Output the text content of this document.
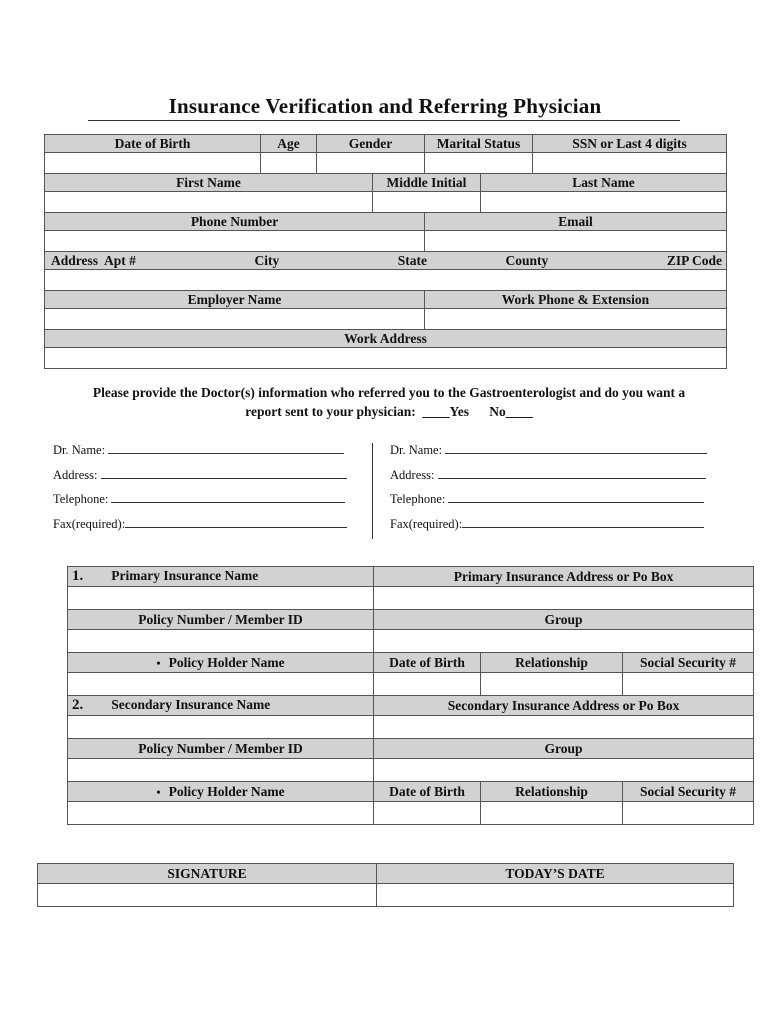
Insurance Verification and Referring Physician
Date of Birth	Age	Gender		Marital Status		SSN or Last 4 digits

First Name			Middle Initial		Last Name	

Phone Number				Email		

Address  Apt # City State County ZIP Code						

Employer Name				Work Phone & Extension		

Work Address						

Please provide the Doctor(s) information who referred you to the Gastroenterologist and do you want a
report sent to your physician:  ____Yes      No____
Dr. Name:
Address:
Telephone:
Fax(required):
Dr. Name:
Address:
Telephone:
Fax(required):
1. Primary Insurance Name	Primary Insurance Address or Po Box		

Policy Number / Member ID	Group		

• Policy Holder Name	Date of Birth	Relationship	Social Security #

2. Secondary Insurance Name	Secondary Insurance Address or Po Box		

Policy Number / Member ID	Group		

• Policy Holder Name	Date of Birth	Relationship	Social Security #

SIGNATURE	TODAY’S DATE
